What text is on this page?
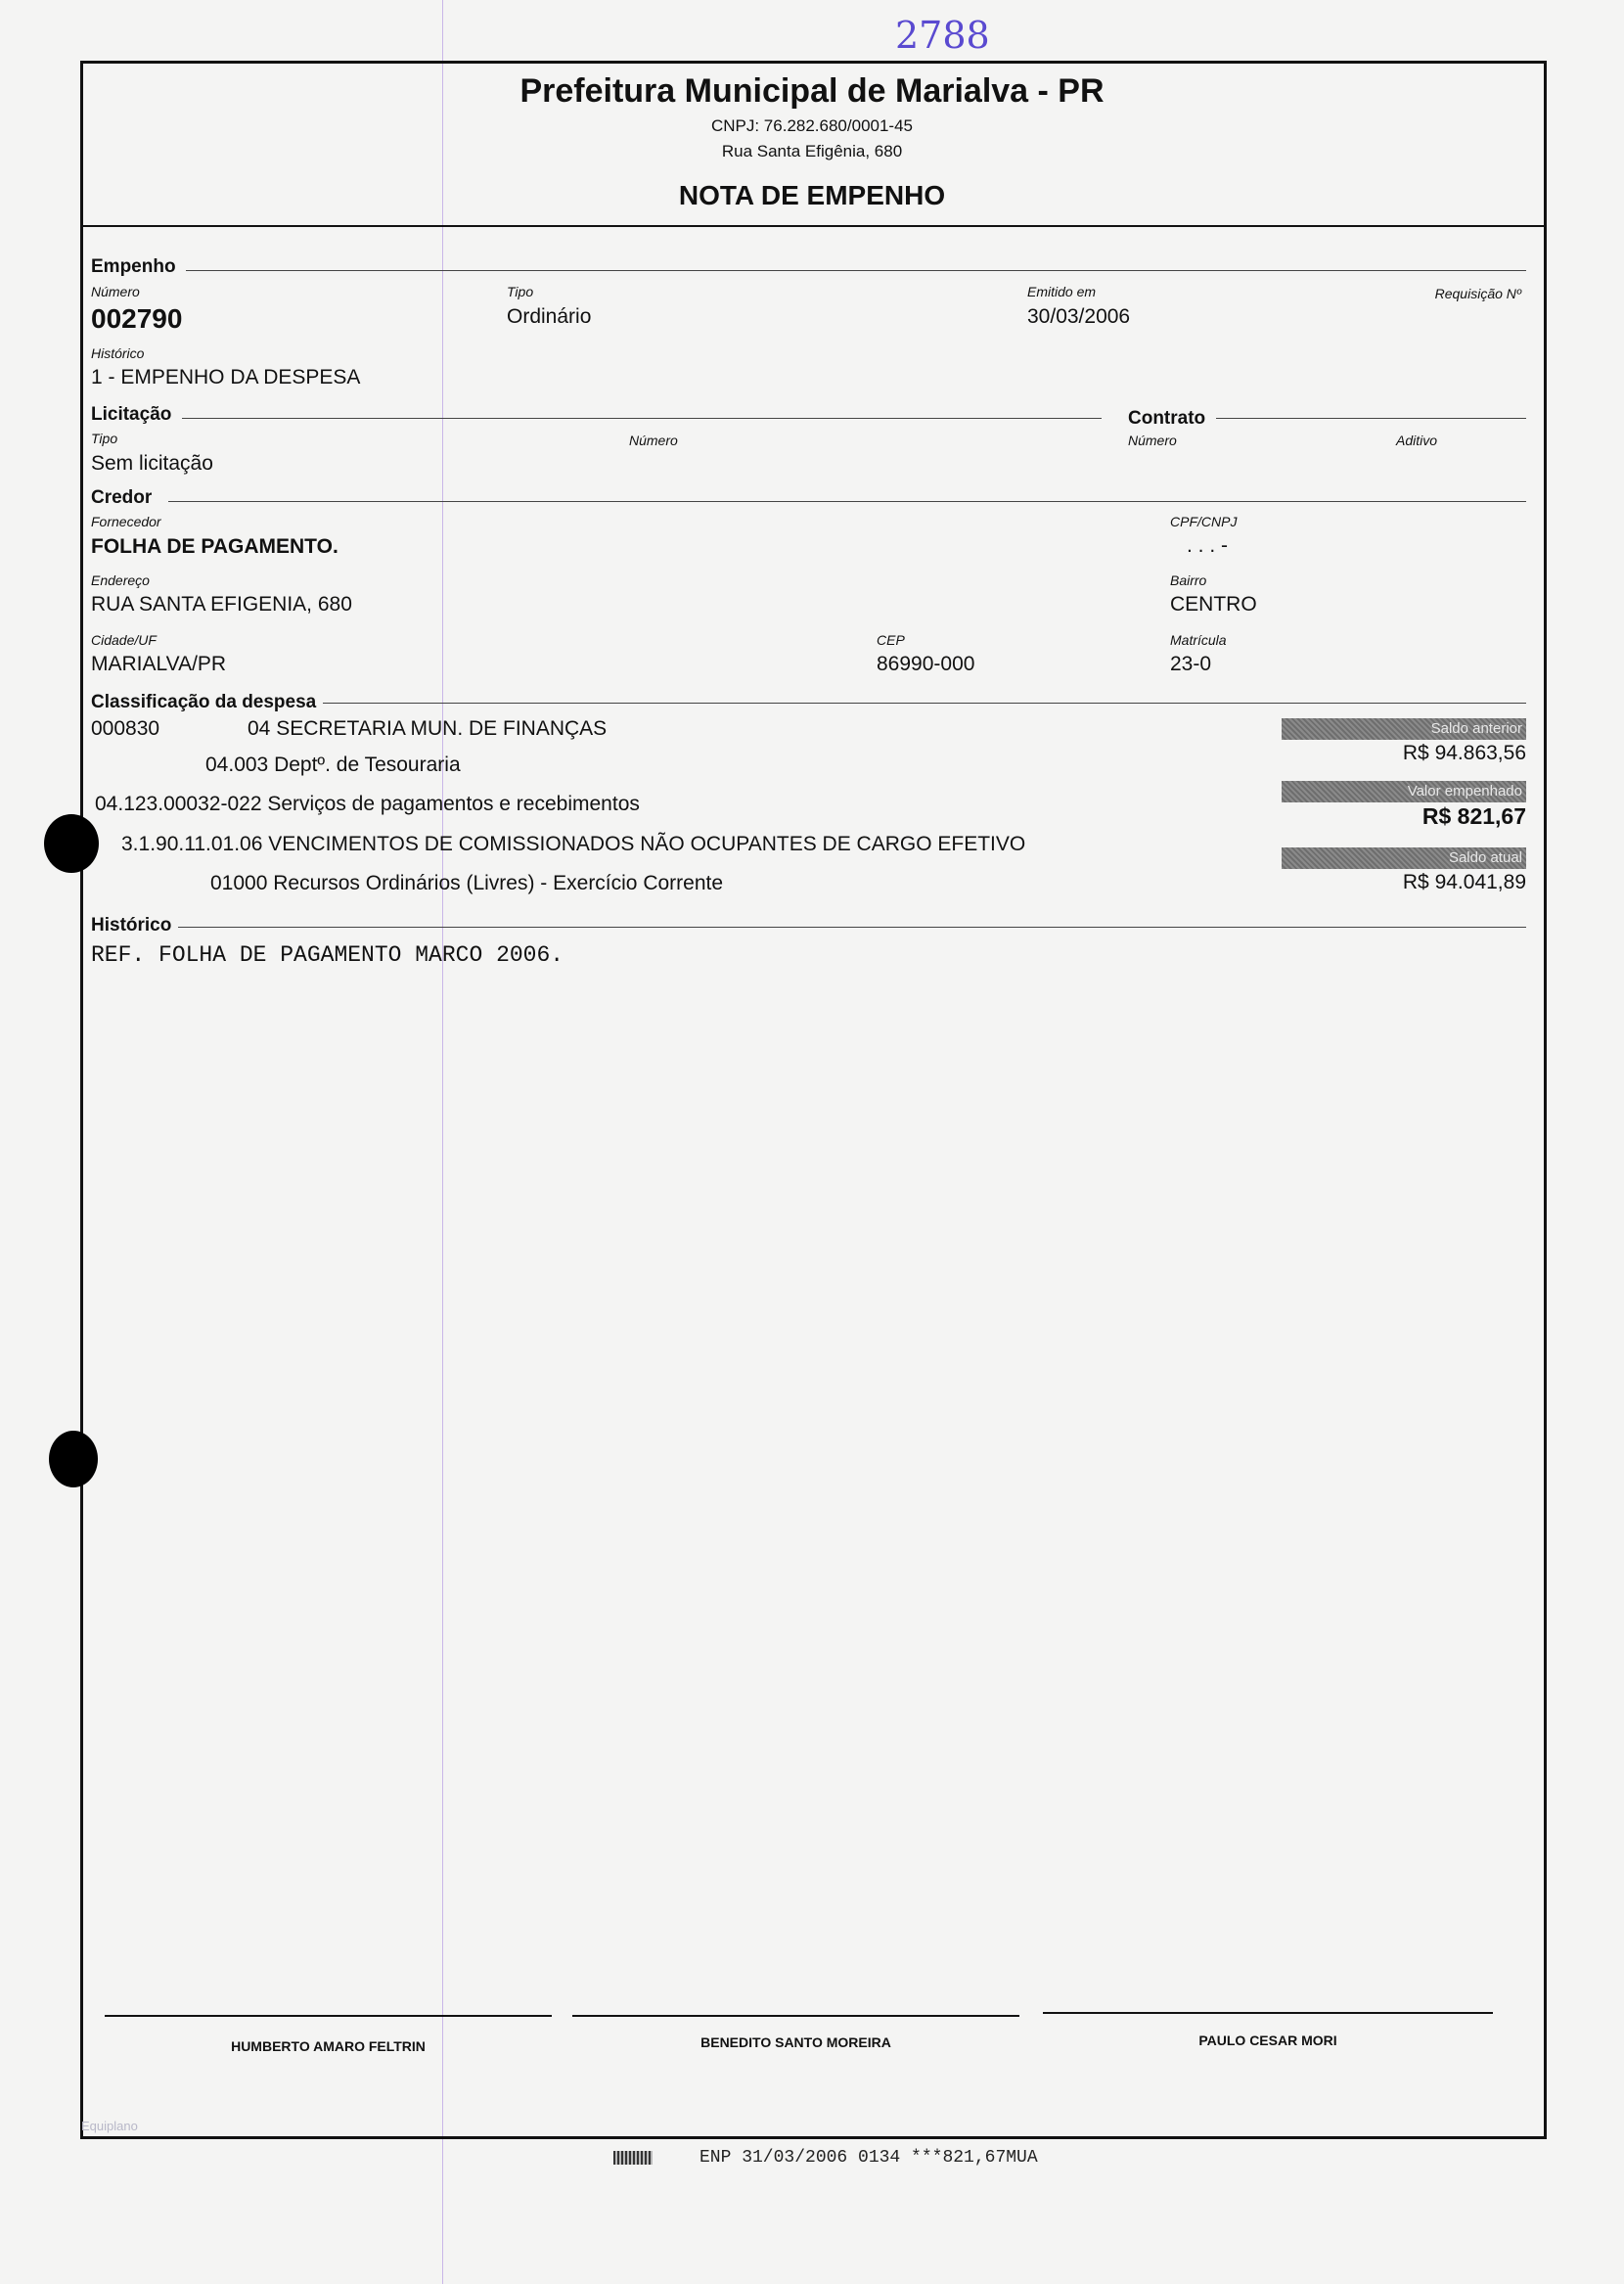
2788
Prefeitura Municipal de Marialva - PR
CNPJ: 76.282.680/0001-45
Rua Santa Efigênia, 680
NOTA DE EMPENHO
Empenho
Número
002790
Tipo
Ordinário
Emitido em
30/03/2006
Requisição Nº
Histórico
1 - EMPENHO DA DESPESA
Licitação	Contrato
Tipo
Sem licitação
Número	Número	Aditivo
Credor
Fornecedor
FOLHA DE PAGAMENTO.
CPF/CNPJ
. . . -
Endereço
RUA SANTA EFIGENIA, 680
Bairro
CENTRO
Cidade/UF
MARIALVA/PR
CEP
86990-000
Matrícula
23-0
Classificação da despesa
000830	04 SECRETARIA MUN. DE FINANÇAS
04.003 Deptº. de Tesouraria
04.123.00032-022 Serviços de pagamentos e recebimentos
3.1.90.11.01.06 VENCIMENTOS DE COMISSIONADOS NÃO OCUPANTES DE CARGO EFETIVO
01000 Recursos Ordinários (Livres) - Exercício Corrente
Saldo anterior
R$ 94.863,56
Valor empenhado
R$ 821,67
Saldo atual
R$ 94.041,89
Histórico
REF. FOLHA DE PAGAMENTO MARCO 2006.
HUMBERTO AMARO FELTRIN	BENEDITO SANTO MOREIRA	PAULO CESAR MORI
Equiplano
ENP 31/03/2006 0134 ***821,67MUA
